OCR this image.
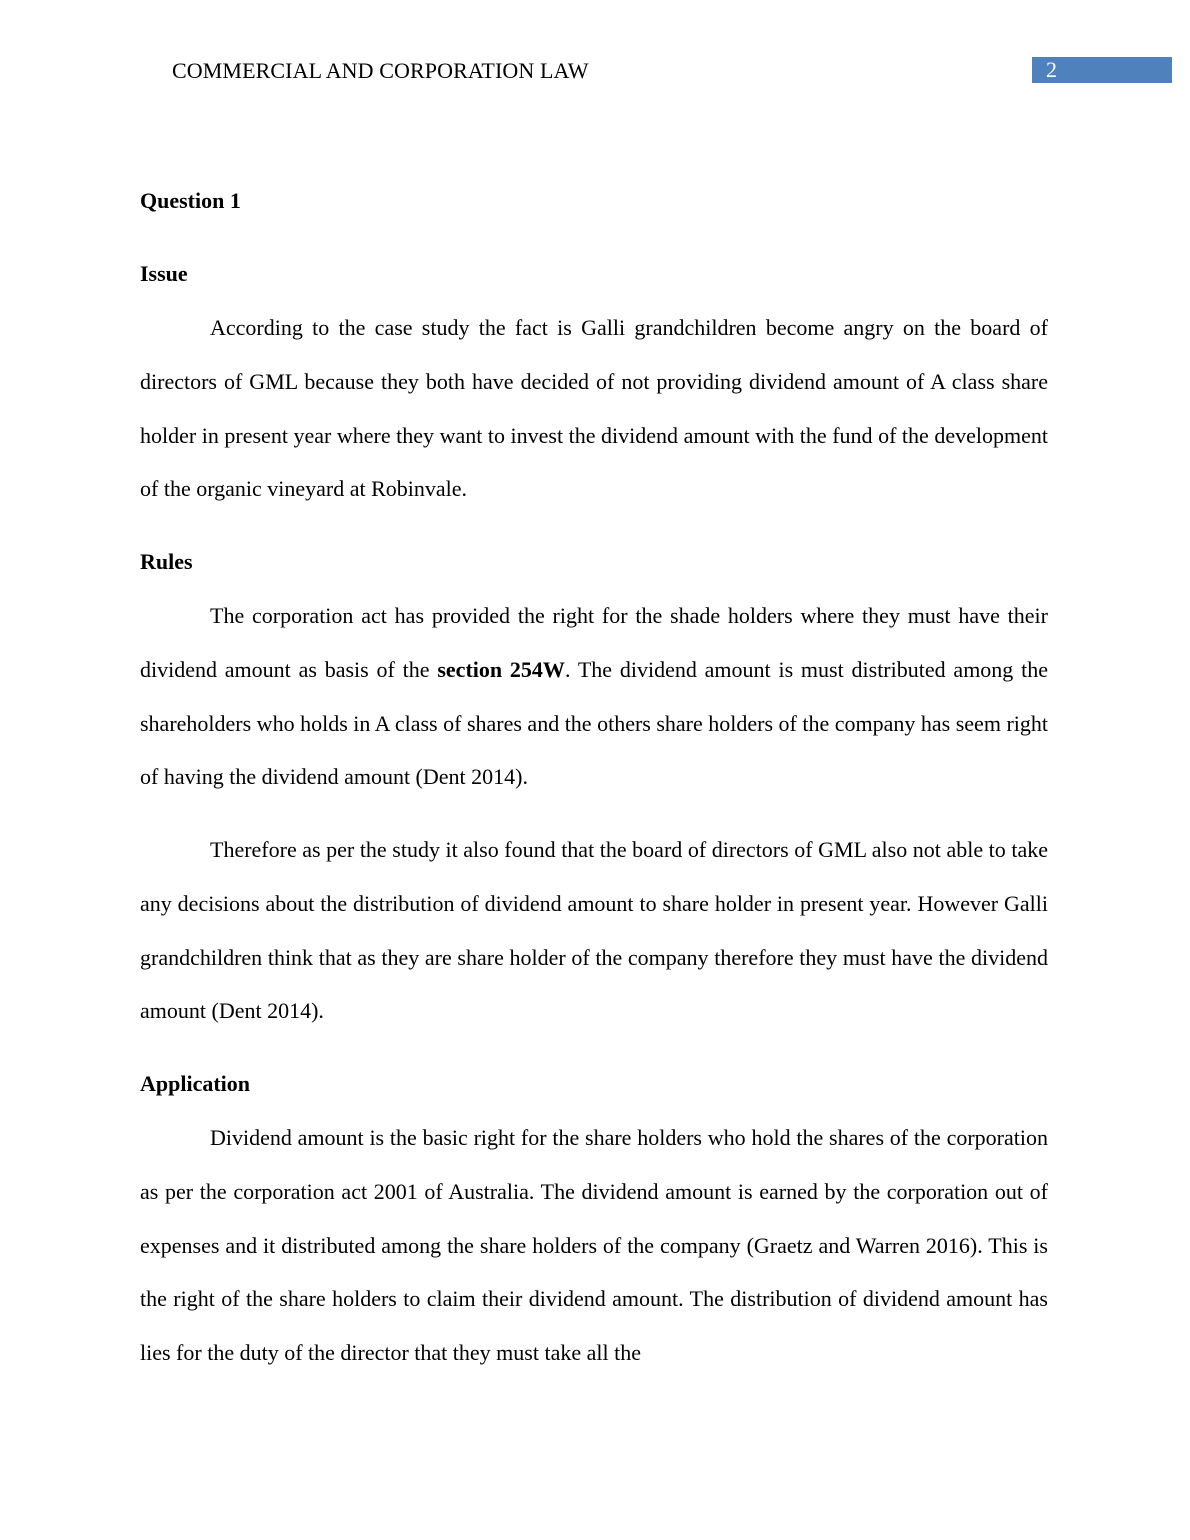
COMMERCIAL AND CORPORATION LAW	2
Question 1
Issue

According to the case study the fact is Galli grandchildren become angry on the board of directors of GML because they both have decided of not providing dividend amount of A class share holder in present year where they want to invest the dividend amount with the fund of the development of the organic vineyard at Robinvale.

Rules

The corporation act has provided the right for the shade holders where they must have their dividend amount as basis of the section 254W. The dividend amount is must distributed among the shareholders who holds in A class of shares and the others share holders of the company has seem right of having the dividend amount (Dent 2014).

Therefore as per the study it also found that the board of directors of GML also not able to take any decisions about the distribution of dividend amount to share holder in present year. However Galli grandchildren think that as they are share holder of the company therefore they must have the dividend amount (Dent 2014).

Application

Dividend amount is the basic right for the share holders who hold the shares of the corporation as per the corporation act 2001 of Australia. The dividend amount is earned by the corporation out of expenses and it distributed among the share holders of the company (Graetz and Warren 2016). This is the right of the share holders to claim their dividend amount. The distribution of dividend amount has lies for the duty of the director that they must take all the
